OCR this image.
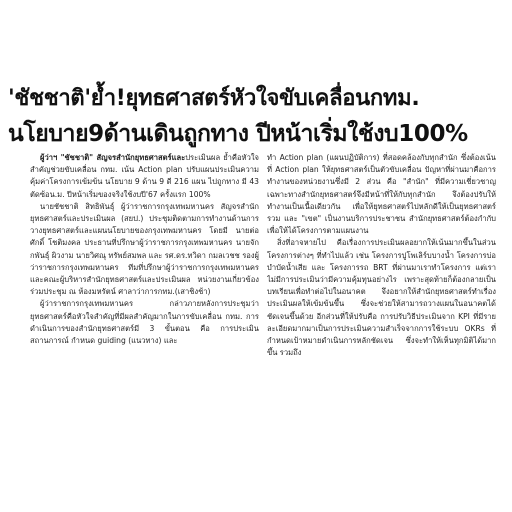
'ชัชชาติ'ย้ำ!ยุทธศาสตร์หัวใจขับเคลื่อนกทม.
นโยบาย9ด้านเดินถูกทาง ปีหน้าเริ่มใช้งบ100%

ผู้ว่าฯ "ชัชชาติ" สัญจรสำนักยุทธศาสตร์และประเมินผล ย้ำคือหัวใจสำคัญช่วยขับเคลื่อน กทม. เน้น Action plan ปรับแผนประเมินความคุ้มค่าโครงการเข้มข้น นโยบาย 9 ด้าน 9 ดี 216 แผน ไปถูกทาง มี 43 ตัดซ้อน.ม. ปีหน้าเริ่มของจริงใช้งบปี'67 ครั้งแรก 100%

นายชัชชาติ สิทธิพันธุ์ ผู้ว่าราชการกรุงเทพมหานคร สัญจรสำนักยุทธศาสตร์และประเมินผล (สยป.) ประชุมติดตามการทำงานด้านการวางยุทธศาสตร์และแผนนโยบายของกรุงเทพมหานคร โดยมี นายต่อศักดิ์ โชติมงคล ประธานที่ปรึกษาผู้ว่าราชการกรุงเทพมหานคร นายจักกพันธุ์ ผิวงาม นายวิศณุ ทรัพย์สมพล และ รศ.ดร.ทวิดา กมลเวชช รองผู้ว่าราชการกรุงเทพมหานคร ทีมที่ปรึกษาผู้ว่าราชการกรุงเทพมหานคร และคณะผู้บริหารสำนักยุทธศาสตร์และประเมินผล หน่วยงานเกี่ยวข้องร่วมประชุม ณ ห้องมหรัตน์ ศาลาว่าการกทม.(เสาชิงช้า)

ผู้ว่าราชการกรุงเทพมหานคร กล่าวภายหลังการประชุมว่า ยุทธศาสตร์คือหัวใจสำคัญที่มีผลสำคัญมากในการขับเคลื่อน กทม. การดำเนินการของสำนักยุทธศาสตร์มี 3 ขั้นตอน คือ การประเมินสถานการณ์ กำหนด guiding (แนวทาง) และ

ทำ Action plan (แผนปฏิบัติการ) ที่สอดคล้องกับทุกสำนัก ซึ่งต้องเน้นที่ Action plan ให้ยุทธศาสตร์เป็นตัวขับเคลื่อน ปัญหาที่ผ่านมาคือการทำงานของหน่วยงานซึ่งมี 2 ส่วน คือ "สำนัก" ที่มีความเชี่ยวชาญเฉพาะทางสำนักยุทธศาสตร์จึงมีหน้าที่ให้กับทุกสำนัก จึงต้องปรับให้ทำงานเป็นเนื้อเดียวกัน เพื่อให้ยุทธศาสตร์ไปหลักดีให้เป็นยุทธศาสตร์รวม และ "เขต" เป็นงานบริการประชาชน สำนักยุทธศาสตร์ต้องกำกับเพื่อให้ได้โครงการตามแผนงาน

สิ่งที่อาจหายไป คือเรื่องการประเมินผลอยากให้เน้นมากขึ้นในส่วนโครงการต่างๆ ที่ทำไปแล้ว เช่น โครงการปูโพเลิร์บบางน้ำ โครงการบ่อบำบัดน้ำเสีย และ โครงการรถ BRT ที่ผ่านมาเราทำโครงการ แต่เราไม่มีการประเมินว่ามีความคุ้มทุนอย่างไร เพราะสุดท้ายก็ต้องกลายเป็นบทเรียนเพื่อทำต่อไปในอนาคต จึงอยากให้สำนักยุทธศาสตร์ทำเรื่องประเมินผลให้เข้มข้นขึ้น ซึ่งจะช่วยให้สามารถวางแผนในอนาคตได้ชัดเจนขึ้นด้วย อีกส่วนที่ให้ปรับคือ การปรับวิธีประเมินจาก KPI ที่มีรายละเอียดมากมาเป็นการประเมินความสำเร็จจากการใช้ระบบ OKRs ที่กำหนดเป้าหมายดำเนินการหลักชัดเจน ซึ่งจะทำให้เห็นทุกมิติได้มากขึ้น รวมถึง
